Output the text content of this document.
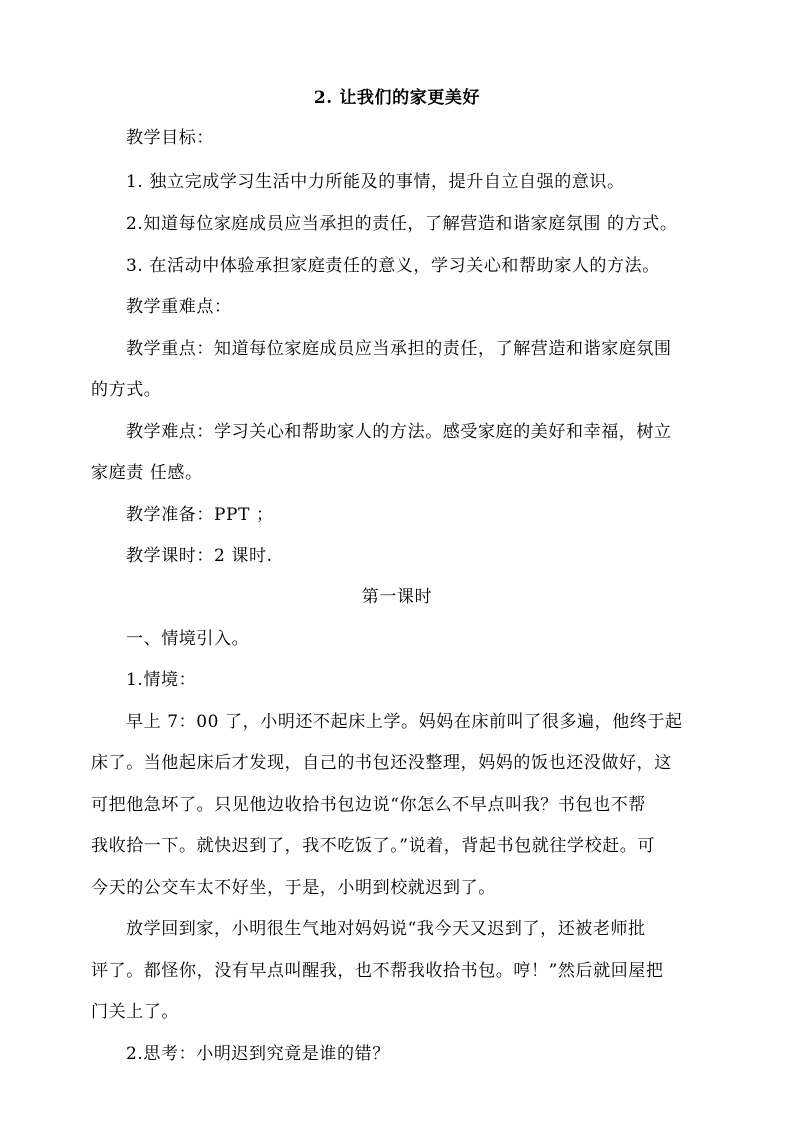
2. 让我们的家更美好
教学目标：
1. 独立完成学习生活中力所能及的事情，提升自立自强的意识。
2.知道每位家庭成员应当承担的责任，了解营造和谐家庭氛围 的方式。
3. 在活动中体验承担家庭责任的意义，学习关心和帮助家人的方法。
教学重难点：
教学重点：知道每位家庭成员应当承担的责任，了解营造和谐家庭氛围
的方式。
教学难点：学习关心和帮助家人的方法。感受家庭的美好和幸福，树立
家庭责 任感。
教学准备：PPT ；
教学课时：2 课时.
第一课时
一、情境引入。
1.情境：
早上 7：00 了，小明还不起床上学。妈妈在床前叫了很多遍，他终于起
床了。当他起床后才发现，自己的书包还没整理，妈妈的饭也还没做好，这
可把他急坏了。只见他边收拾书包边说“你怎么不早点叫我？书包也不帮
我收拾一下。就快迟到了，我不吃饭了。”说着，背起书包就往学校赶。可
今天的公交车太不好坐，于是，小明到校就迟到了。
放学回到家，小明很生气地对妈妈说“我今天又迟到了，还被老师批
评了。都怪你，没有早点叫醒我，也不帮我收拾书包。哼！”然后就回屋把
门关上了。
2.思考：小明迟到究竟是谁的错？
